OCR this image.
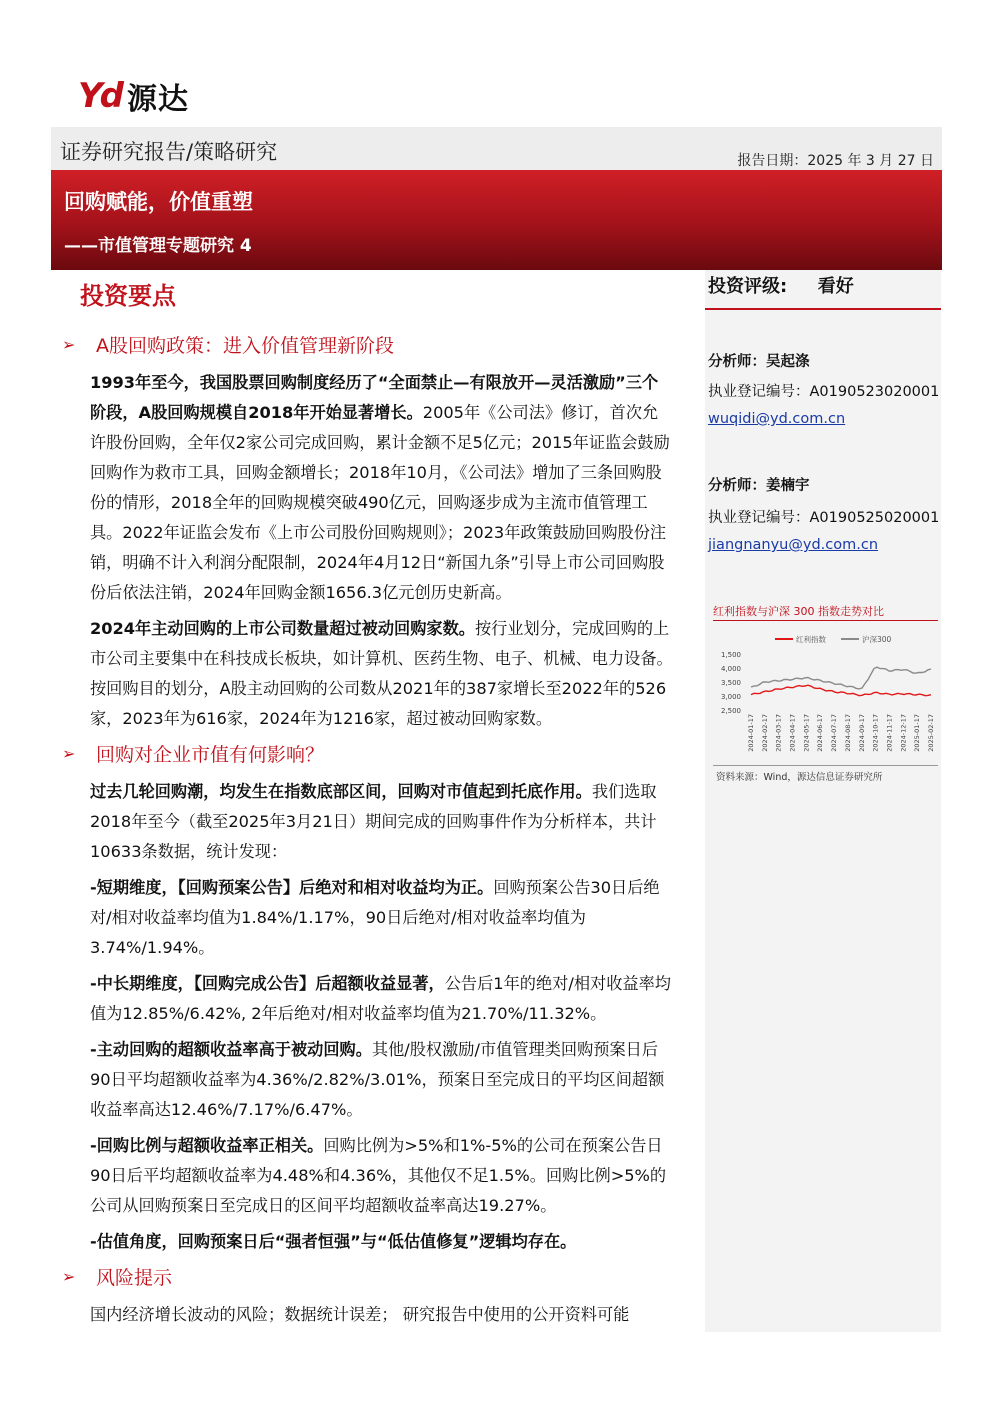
Yd 源达
证券研究报告/策略研究	报告日期：2025 年 3 月 27 日
回购赋能，价值重塑
——市值管理专题研究 4
投资评级: 看好
分析师：吴起涤
执业登记编号：A0190523020001
wuqidi@yd.com.cn
分析师：姜楠宇
执业登记编号：A0190525020001
jiangnanyu@yd.com.cn
红利指数与沪深 300 指数走势对比
红利指数	沪深300
1,500
4,000
3,500
3,000
2,500
2024-01-17 2024-02-17 2024-03-17 2024-04-17 2024-05-17 2024-06-17 2024-07-17 2024-08-17 2024-09-17 2024-10-17 2024-11-17 2024-12-17 2025-01-17 2025-02-17
资料来源：Wind，源达信息证券研究所
投资要点
➢	A股回购政策：进入价值管理新阶段

1993年至今，我国股票回购制度经历了“全面禁止—有限放开—灵活激励”三个阶段，A股回购规模自2018年开始显著增长。2005年《公司法》修订，首次允许股份回购，全年仅2家公司完成回购，累计金额不足5亿元；2015年证监会鼓励回购作为救市工具，回购金额增长；2018年10月，《公司法》增加了三条回购股份的情形，2018全年的回购规模突破490亿元，回购逐步成为主流市值管理工具。2022年证监会发布《上市公司股份回购规则》；2023年政策鼓励回购股份注销，明确不计入利润分配限制，2024年4月12日“新国九条”引导上市公司回购股份后依法注销，2024年回购金额1656.3亿元创历史新高。

2024年主动回购的上市公司数量超过被动回购家数。按行业划分，完成回购的上市公司主要集中在科技成长板块，如计算机、医药生物、电子、机械、电力设备。按回购目的划分，A股主动回购的公司数从2021年的387家增长至2022年的526家，2023年为616家，2024年为1216家，超过被动回购家数。

➢	回购对企业市值有何影响？

过去几轮回购潮，均发生在指数底部区间，回购对市值起到托底作用。我们选取2018年至今（截至2025年3月21日）期间完成的回购事件作为分析样本，共计10633条数据，统计发现：

-短期维度，【回购预案公告】后绝对和相对收益均为正。回购预案公告30日后绝对/相对收益率均值为1.84%/1.17%，90日后绝对/相对收益率均值为3.74%/1.94%。

-中长期维度，【回购完成公告】后超额收益显著，公告后1年的绝对/相对收益率均值为12.85%/6.42%, 2年后绝对/相对收益率均值为21.70%/11.32%。

-主动回购的超额收益率高于被动回购。其他/股权激励/市值管理类回购预案日后90日平均超额收益率为4.36%/2.82%/3.01%，预案日至完成日的平均区间超额收益率高达12.46%/7.17%/6.47%。

-回购比例与超额收益率正相关。回购比例为>5%和1%-5%的公司在预案公告日90日后平均超额收益率为4.48%和4.36%，其他仅不足1.5%。回购比例>5%的公司从回购预案日至完成日的区间平均超额收益率高达19.27%。

-估值角度，回购预案日后“强者恒强”与“低估值修复”逻辑均存在。

➢	风险提示

国内经济增长波动的风险；数据统计误差； 研究报告中使用的公开资料可能
